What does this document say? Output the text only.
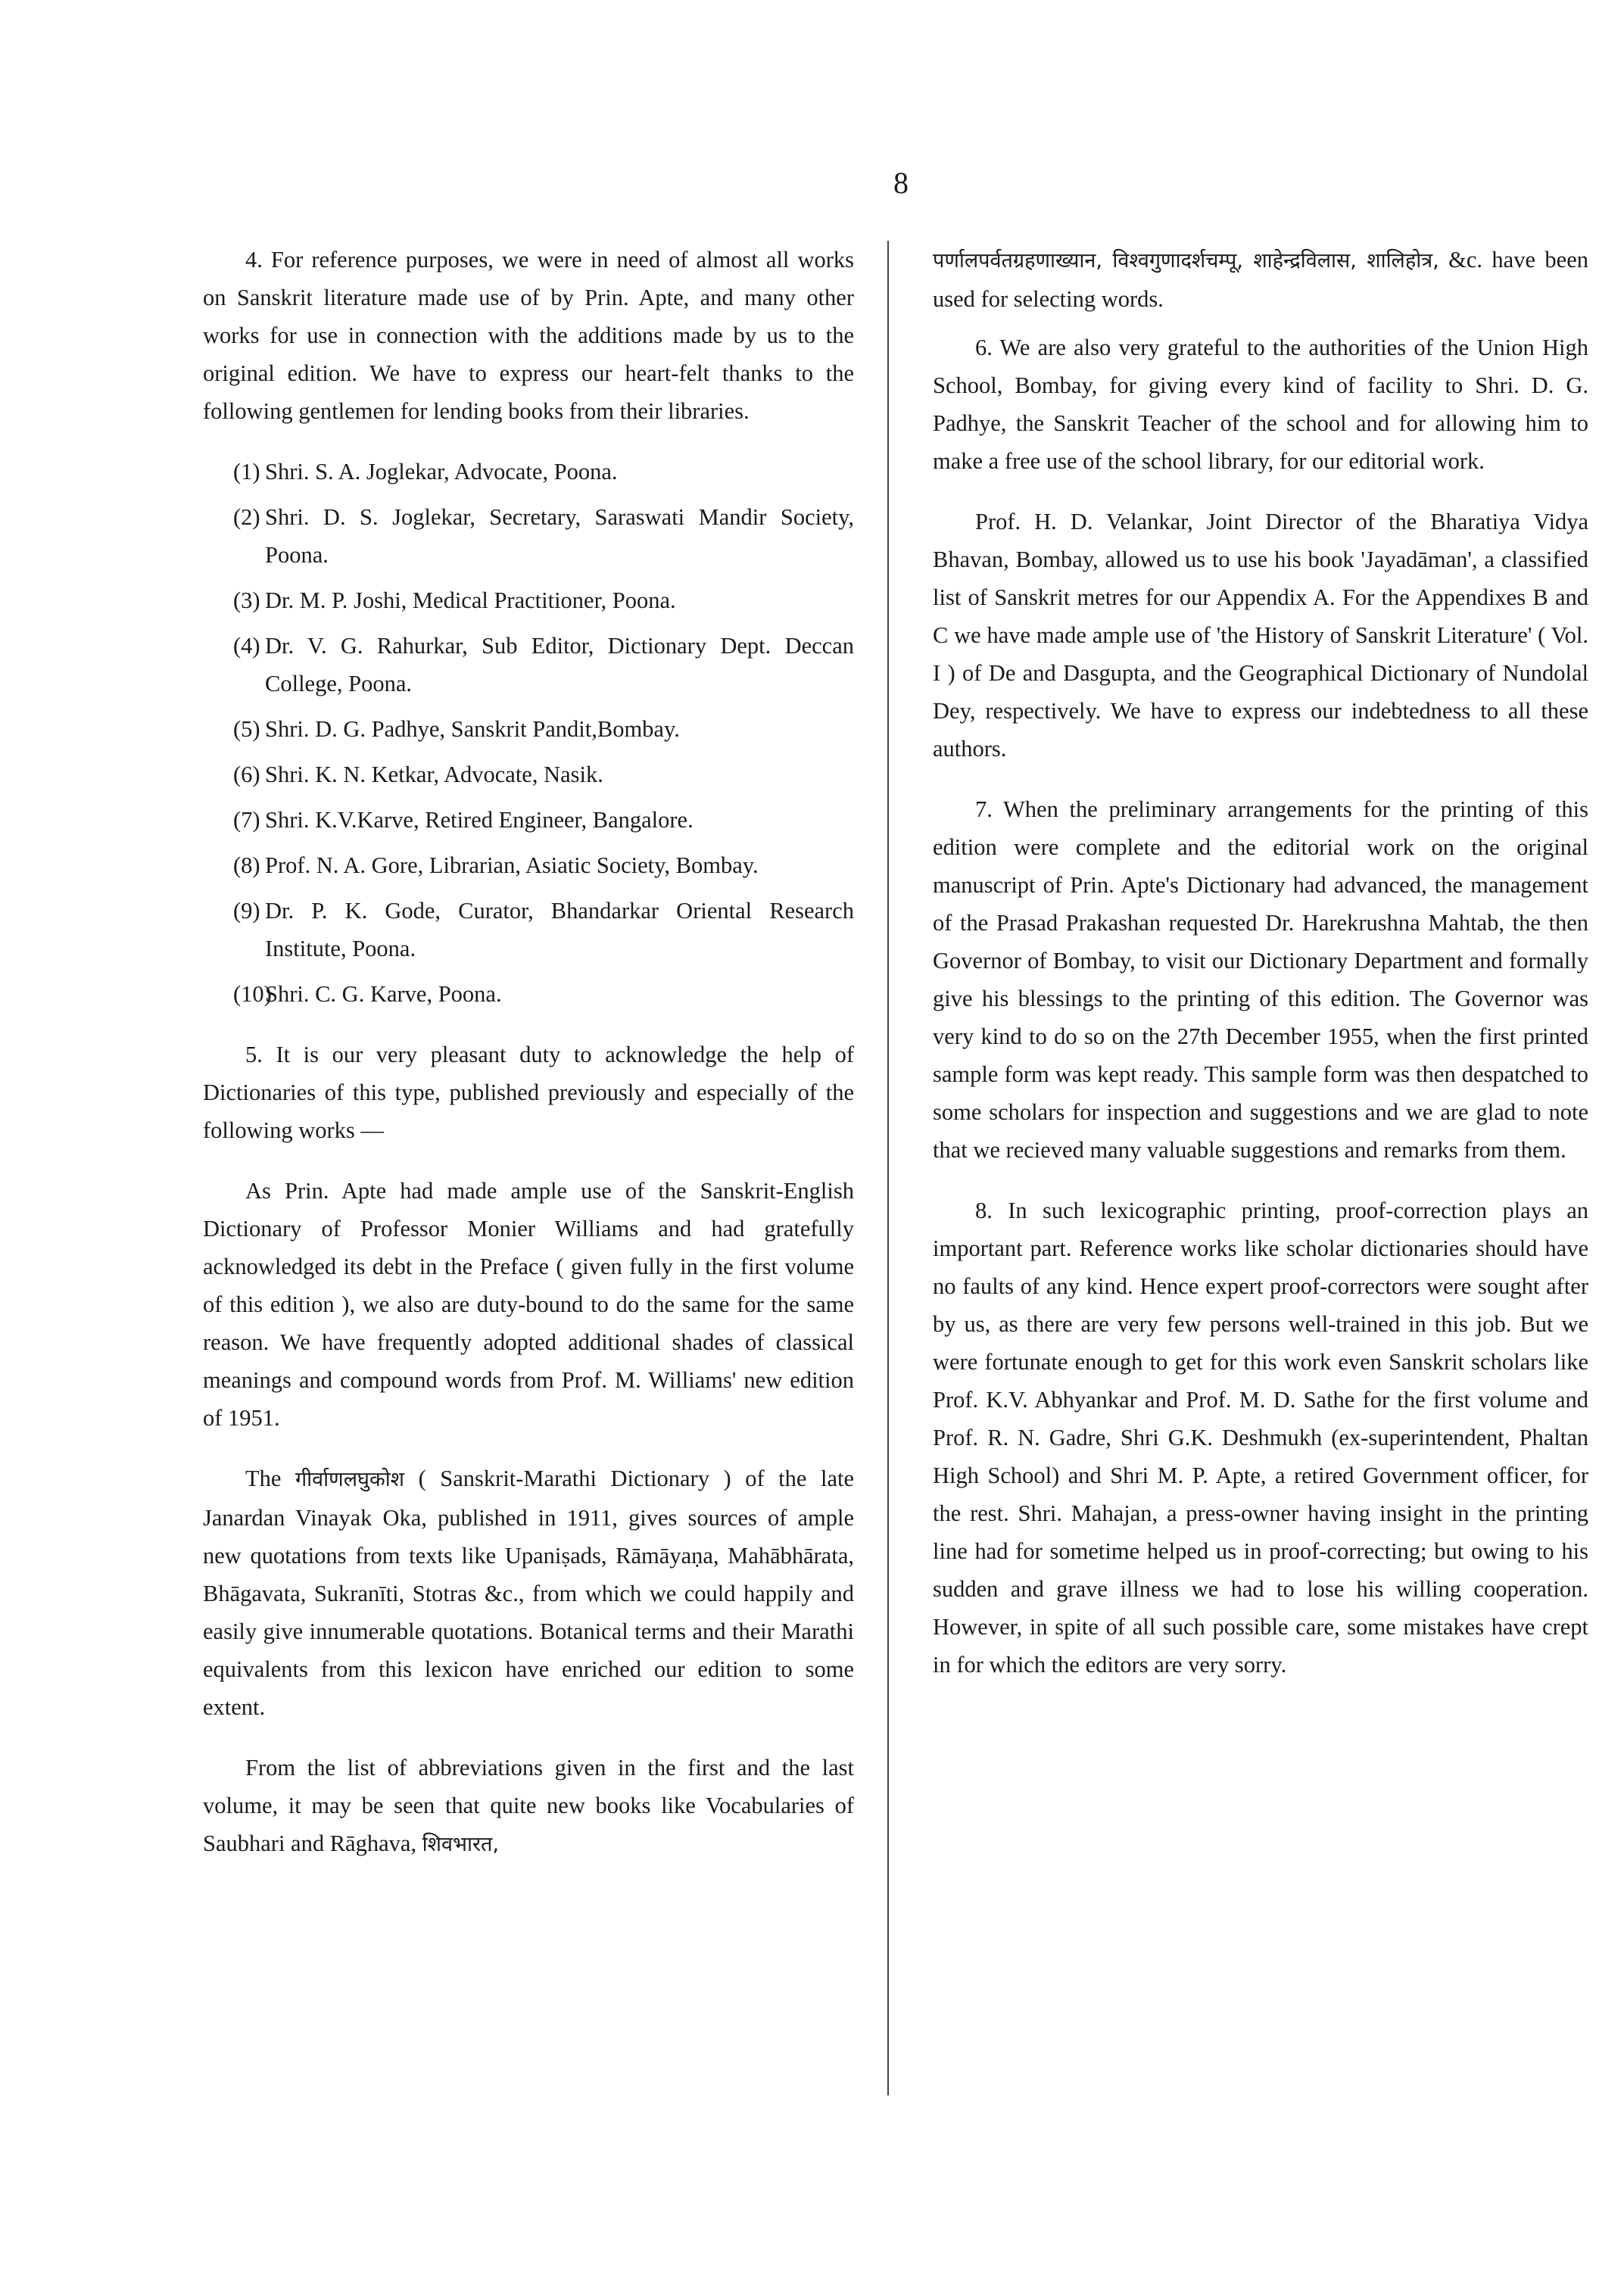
8

4. For reference purposes, we were in need of almost all works on Sanskrit literature made use of by Prin. Apte, and many other works for use in connection with the additions made by us to the original edition. We have to express our heart-felt thanks to the following gentlemen for lending books from their libraries.

(1) Shri. S. A. Joglekar, Advocate, Poona.
(2) Shri. D. S. Joglekar, Secretary, Saraswati Mandir Society, Poona.
(3) Dr. M. P. Joshi, Medical Practitioner, Poona.
(4) Dr. V. G. Rahurkar, Sub Editor, Dictionary Dept. Deccan College, Poona.
(5) Shri. D. G. Padhye, Sanskrit Pandit,Bombay.
(6) Shri. K. N. Ketkar, Advocate, Nasik.
(7) Shri. K.V.Karve, Retired Engineer, Bangalore.
(8) Prof. N. A. Gore, Librarian, Asiatic Society, Bombay.
(9) Dr. P. K. Gode, Curator, Bhandarkar Oriental Research Institute, Poona.
(10)
Shri. C. G. Karve, Poona.

5. It is our very pleasant duty to acknowledge the help of Dictionaries of this type, published previously and especially of the following works —

As Prin. Apte had made ample use of the Sanskrit-English Dictionary of Professor Monier Williams and had gratefully acknowledged its debt in the Preface ( given fully in the first volume of this edition ), we also are duty-bound to do the same for the same reason. We have frequently adopted additional shades of classical meanings and compound words from Prof. M. Williams' new edition of 1951.

The गीर्वाणलघुकोश ( Sanskrit-Marathi Dictionary ) of the late Janardan Vinayak Oka, published in 1911, gives sources of ample new quotations from texts like Upaniṣads, Rāmāyaṇa, Mahābhārata, Bhāgavata, Sukranīti, Stotras &c., from which we could happily and easily give innumerable quotations. Botanical terms and their Marathi equivalents from this lexicon have enriched our edition to some extent.

From the list of abbreviations given in the first and the last volume, it may be seen that quite new books like Vocabularies of Saubhari and Rāghava, शिवभारत,

पर्णालपर्वतग्रहणाख्यान, विश्वगुणादर्शचम्पू, शाहेन्द्रविलास, शालिहोत्र, &c. have been used for selecting words.

6. We are also very grateful to the authorities of the Union High School, Bombay, for giving every kind of facility to Shri. D. G. Padhye, the Sanskrit Teacher of the school and for allowing him to make a free use of the school library, for our editorial work.

Prof. H. D. Velankar, Joint Director of the Bharatiya Vidya Bhavan, Bombay, allowed us to use his book 'Jayadāman', a classified list of Sanskrit metres for our Appendix A. For the Appendixes B and C we have made ample use of 'the History of Sanskrit Literature' ( Vol. I ) of De and Dasgupta, and the Geographical Dictionary of Nundolal Dey, respectively. We have to express our indebtedness to all these authors.

7. When the preliminary arrangements for the printing of this edition were complete and the editorial work on the original manuscript of Prin. Apte's Dictionary had advanced, the management of the Prasad Prakashan requested Dr. Harekrushna Mahtab, the then Governor of Bombay, to visit our Dictionary Department and formally give his blessings to the printing of this edition. The Governor was very kind to do so on the 27th December 1955, when the first printed sample form was kept ready. This sample form was then despatched to some scholars for inspection and suggestions and we are glad to note that we recieved many valuable suggestions and remarks from them.

8. In such lexicographic printing, proof-correction plays an important part. Reference works like scholar dictionaries should have no faults of any kind. Hence expert proof-correctors were sought after by us, as there are very few persons well-trained in this job. But we were fortunate enough to get for this work even Sanskrit scholars like Prof. K.V. Abhyankar and Prof. M. D. Sathe for the first volume and Prof. R. N. Gadre, Shri G.K. Deshmukh (ex-superintendent, Phaltan High School) and Shri M. P. Apte, a retired Government officer, for the rest. Shri. Mahajan, a press-owner having insight in the printing line had for sometime helped us in proof-correcting; but owing to his sudden and grave illness we had to lose his willing cooperation. However, in spite of all such possible care, some mistakes have crept in for which the editors are very sorry.
